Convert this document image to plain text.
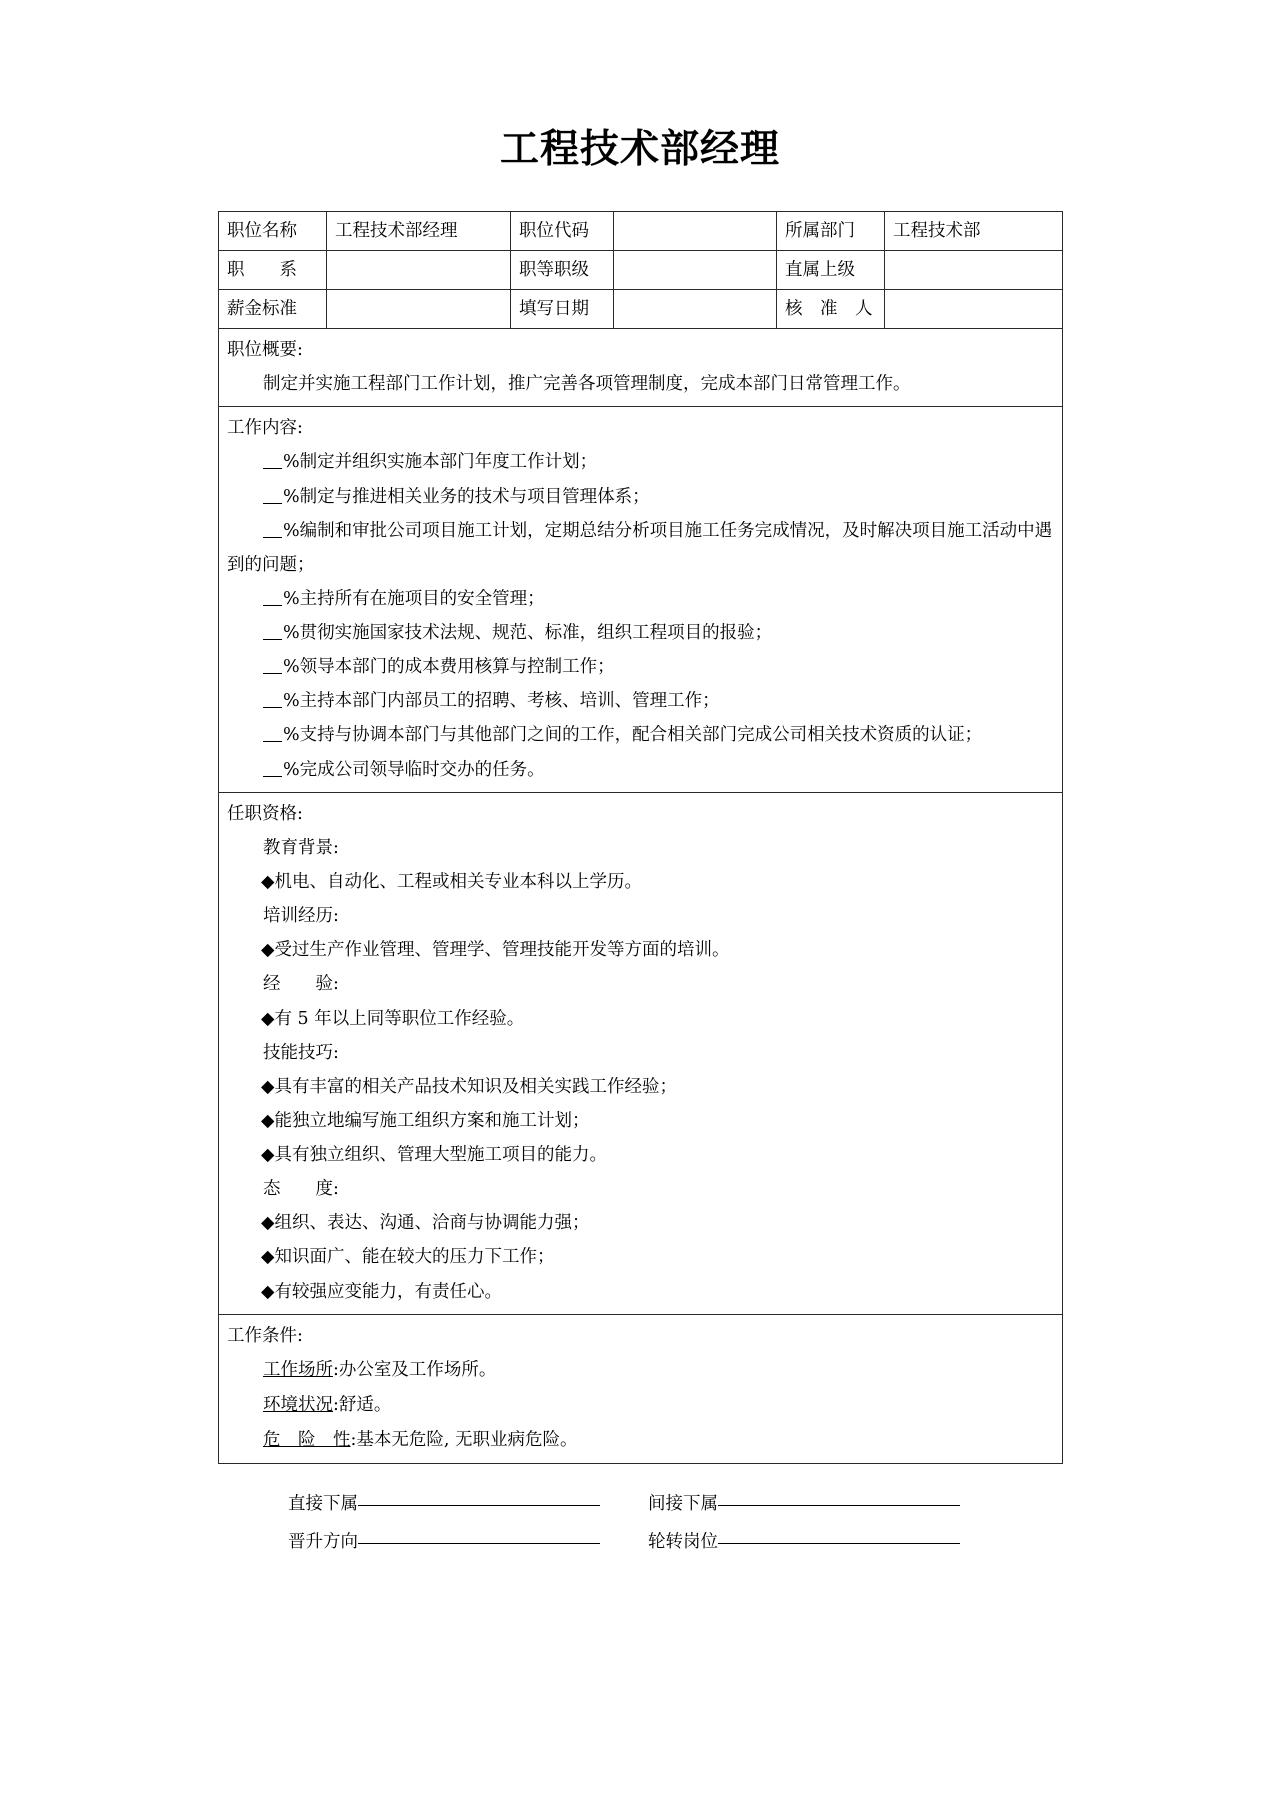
工程技术部经理
职位名称	工程技术部经理	职位代码		所属部门	工程技术部
职　　系		职等职级		直属上级	
薪金标准		填写日期		核　准　人	

职位概要:
制定并实施工程部门工作计划，推广完善各项管理制度，完成本部门日常管理工作。					

工作内容:
%制定并组织实施本部门年度工作计划；
%制定与推进相关业务的技术与项目管理体系；
%编制和审批公司项目施工计划，定期总结分析项目施工任务完成情况，及时解决项目施工活动中遇到的问题；
%主持所有在施项目的安全管理；
%贯彻实施国家技术法规、规范、标准，组织工程项目的报验；
%领导本部门的成本费用核算与控制工作；
%主持本部门内部员工的招聘、考核、培训、管理工作；
%支持与协调本部门与其他部门之间的工作，配合相关部门完成公司相关技术资质的认证；
%完成公司领导临时交办的任务。

任职资格:
教育背景:
◆机电、自动化、工程或相关专业本科以上学历。
培训经历:
◆受过生产作业管理、管理学、管理技能开发等方面的培训。
经　　验:
◆有 5 年以上同等职位工作经验。
技能技巧:
◆具有丰富的相关产品技术知识及相关实践工作经验；
◆能独立地编写施工组织方案和施工计划；
◆具有独立组织、管理大型施工项目的能力。
态　　度:
◆组织、表达、沟通、洽商与协调能力强；
◆知识面广、能在较大的压力下工作；
◆有较强应变能力，有责任心。

工作条件:
工作场所:办公室及工作场所。
环境状况:舒适。
危　险　性:基本无危险, 无职业病危险。					
直接下属	间接下属
晋升方向	轮转岗位
